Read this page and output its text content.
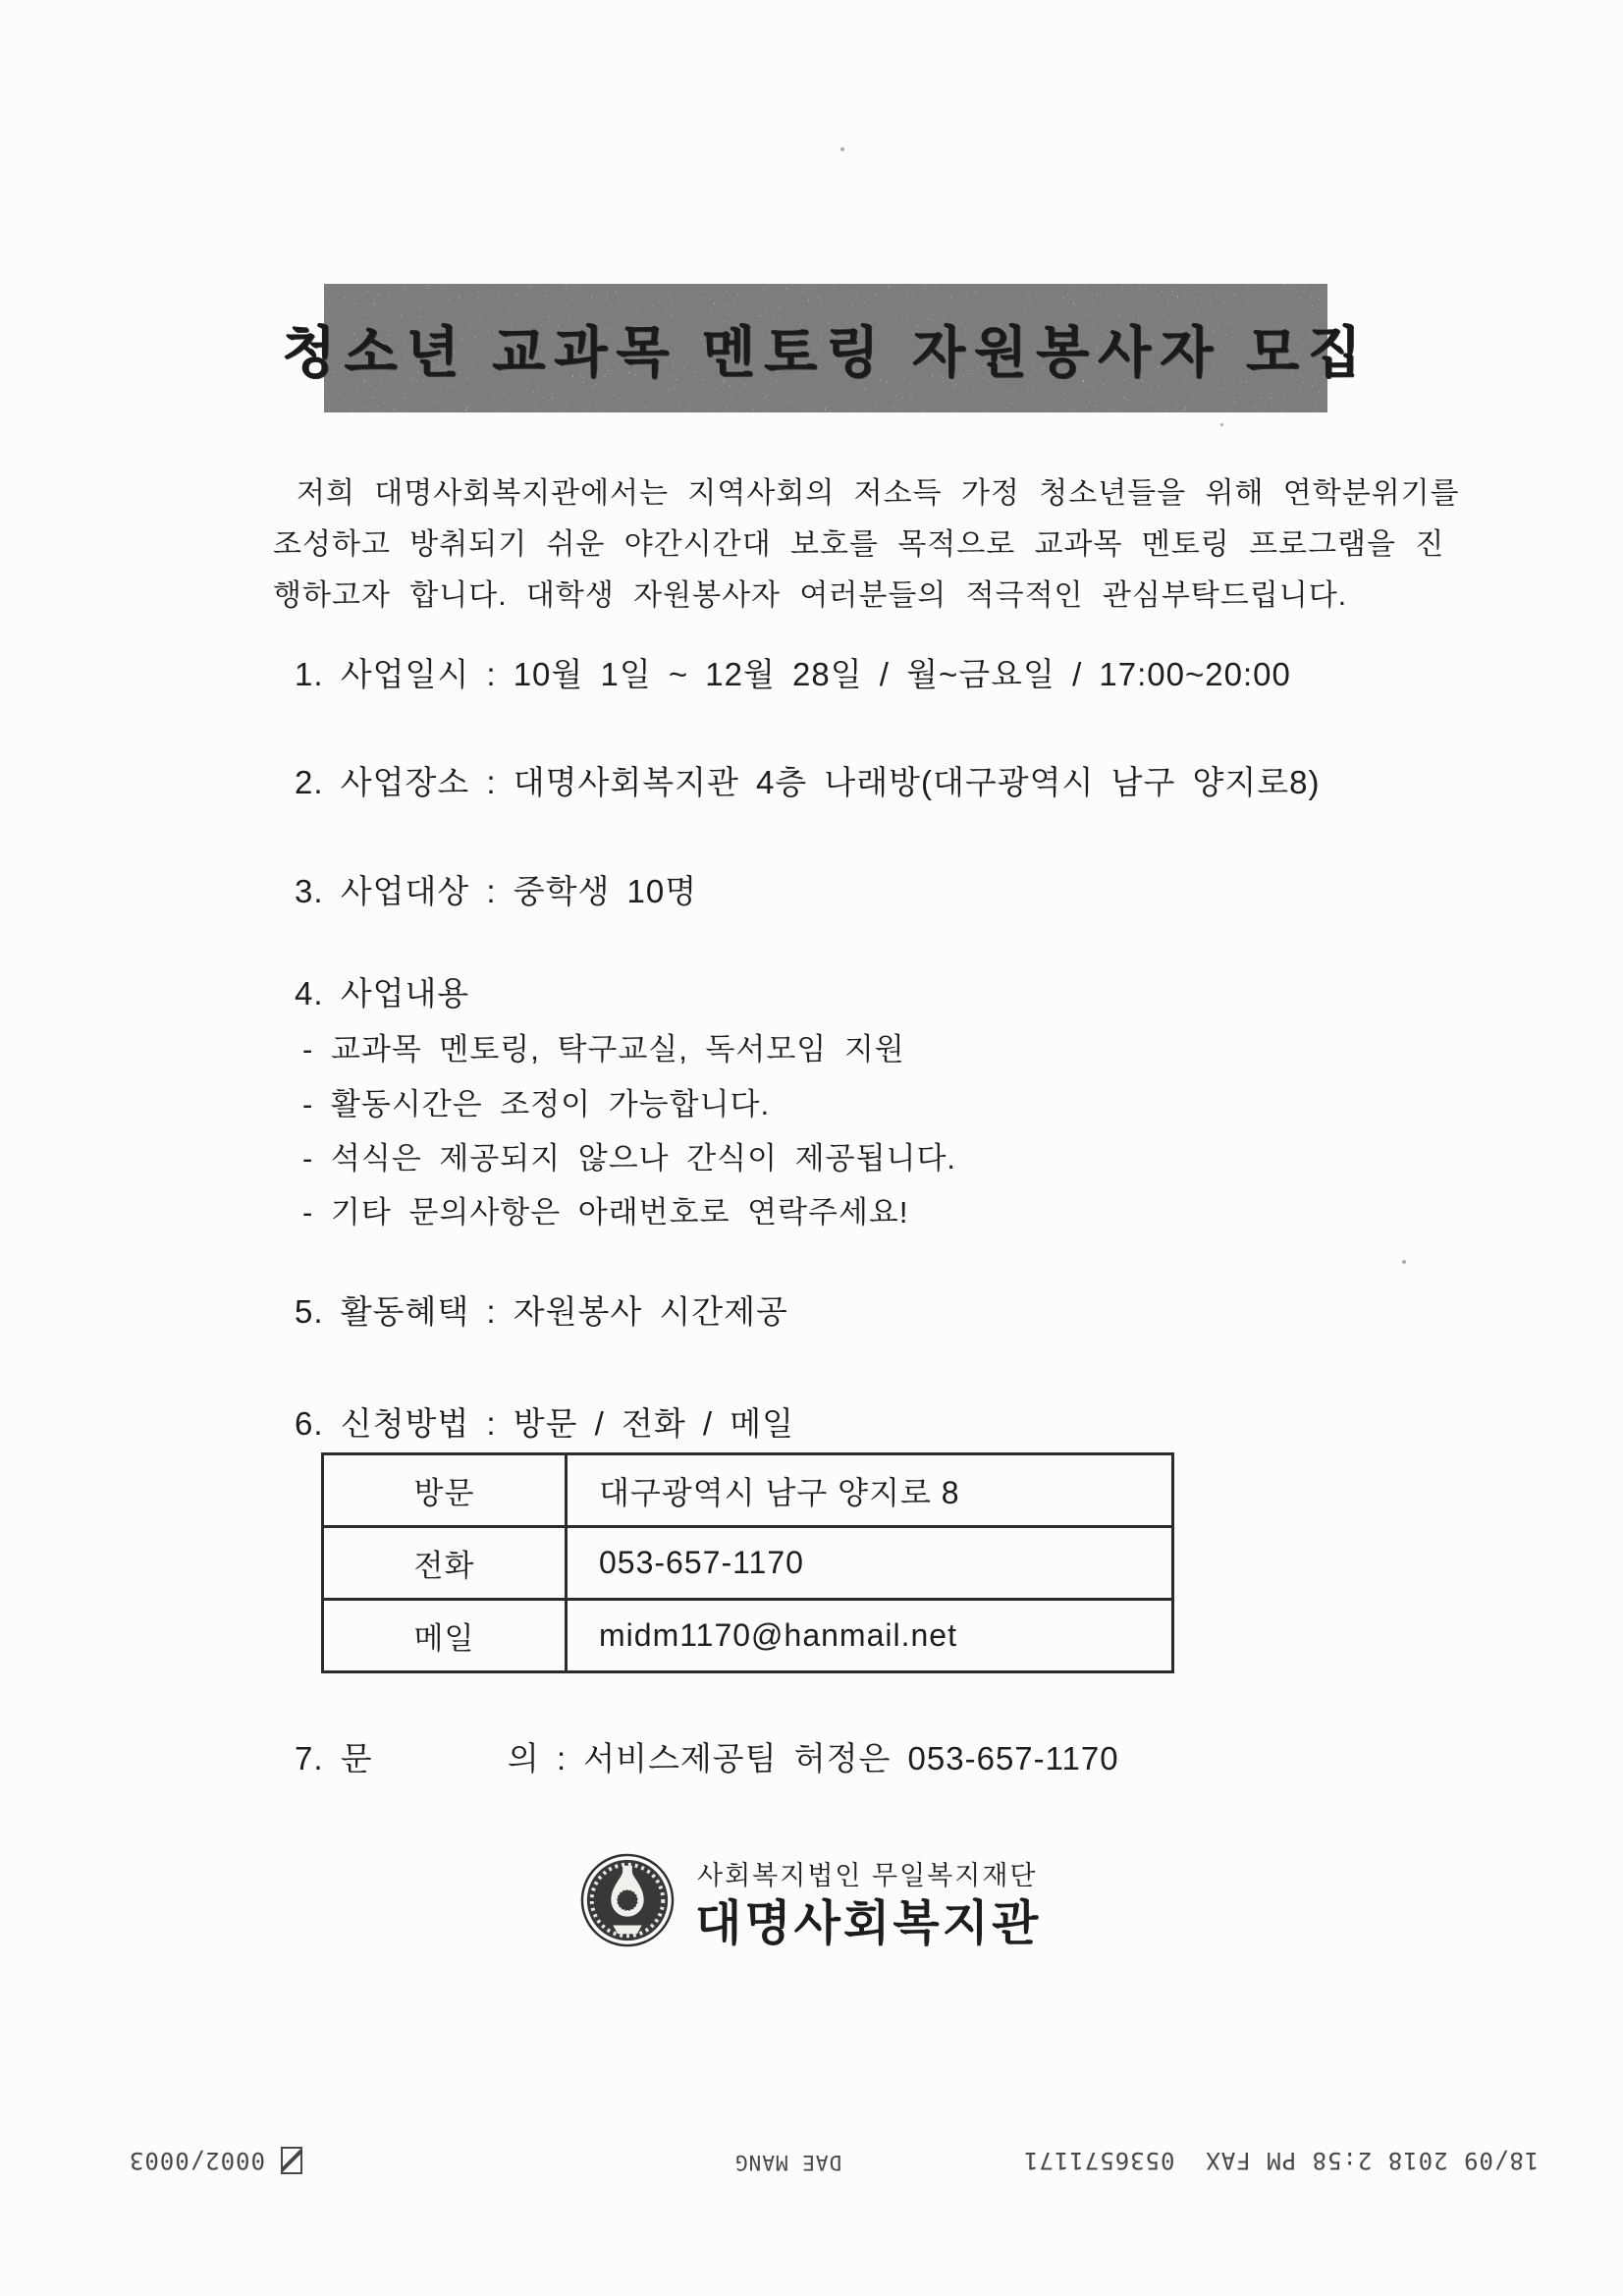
청소년 교과목 멘토링 자원봉사자 모집
저희 대명사회복지관에서는 지역사회의 저소득 가정 청소년들을 위해 연학분위기를
조성하고 방취되기 쉬운 야간시간대 보호를 목적으로 교과목 멘토링 프로그램을 진
행하고자 합니다. 대학생 자원봉사자 여러분들의 적극적인 관심부탁드립니다.
1. 사업일시 : 10월 1일 ~ 12월 28일 / 월~금요일 / 17:00~20:00
2. 사업장소 : 대명사회복지관 4층 나래방(대구광역시 남구 양지로8)
3. 사업대상 : 중학생 10명
4. 사업내용
- 교과목 멘토링, 탁구교실, 독서모임 지원
- 활동시간은 조정이 가능합니다.
- 석식은 제공되지 않으나 간식이 제공됩니다.
- 기타 문의사항은 아래번호로 연락주세요!
5. 활동혜택 : 자원봉사 시간제공
6. 신청방법 : 방문 / 전화 / 메일
방문	대구광역시 남구 양지로 8
전화	053-657-1170
메일	midm1170@hanmail.net
7. 문        의 : 서비스제공팀 허정은 053-657-1170
사회복지법인 무일복지재단
대명사회복지관
0002/0003	DAE MANG	18/09 2018 2:58 PM FAX  0536571171
